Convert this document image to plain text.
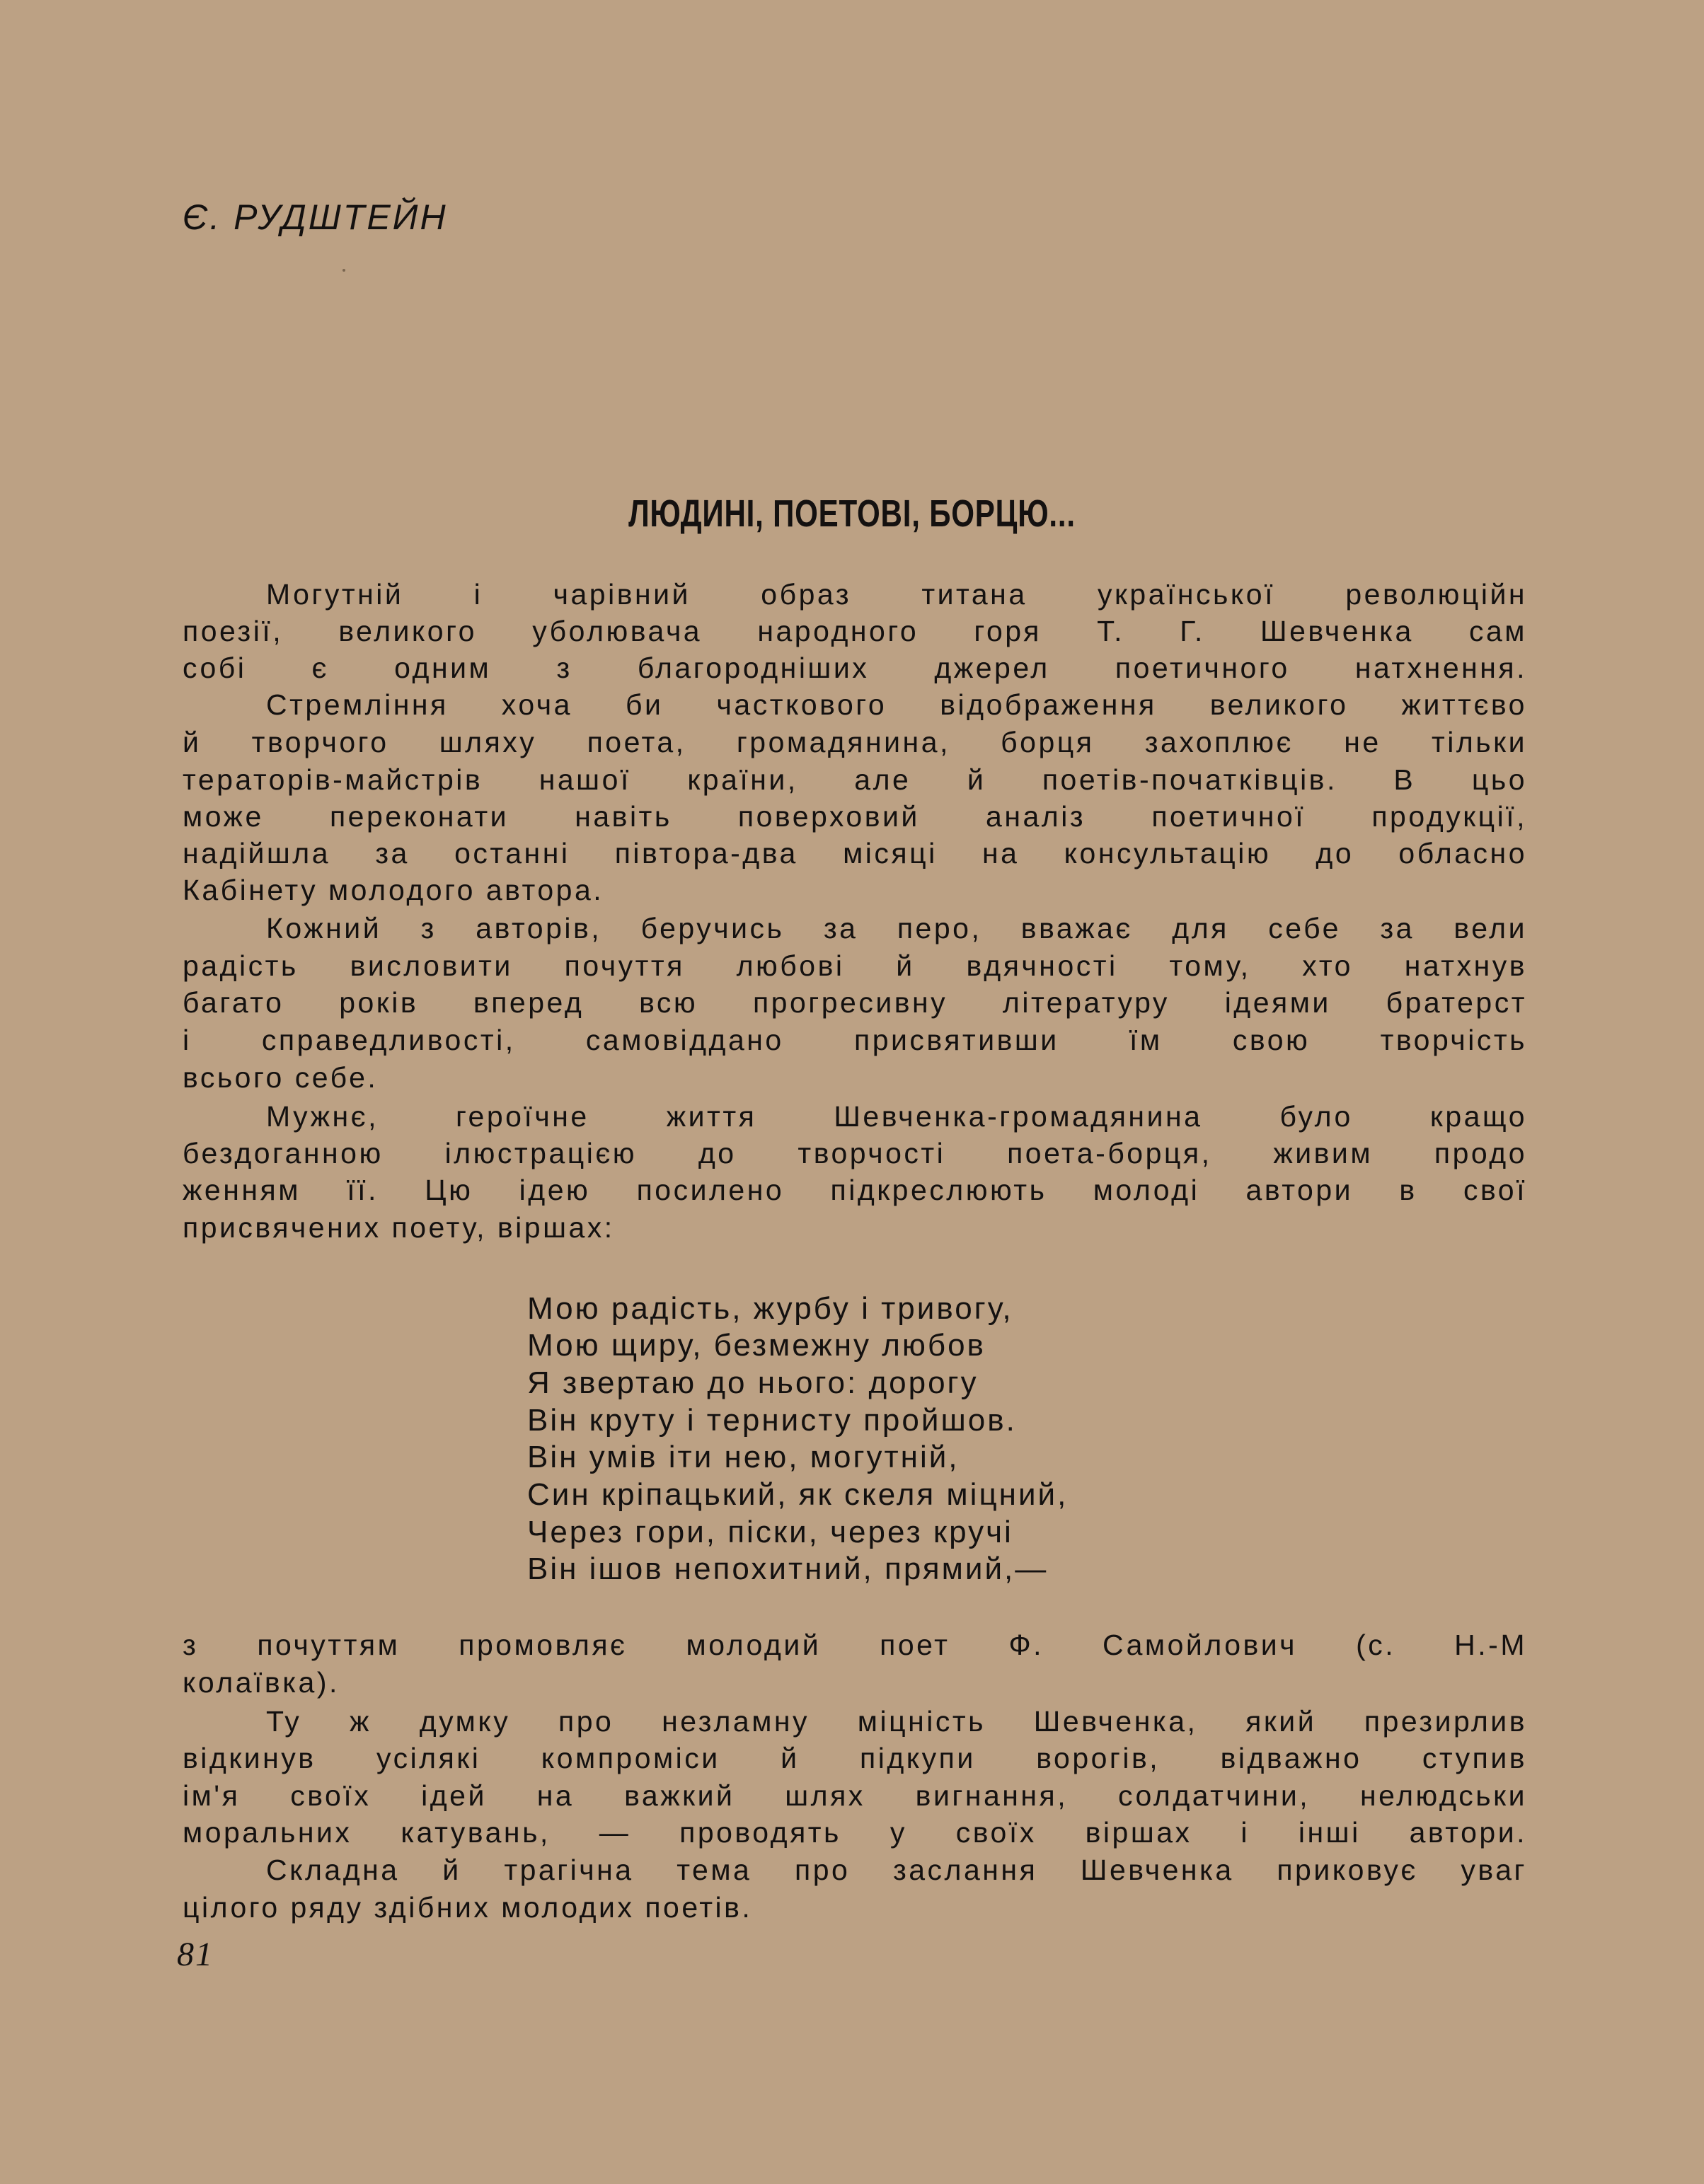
Є. РУДШТЕЙН
ЛЮДИНІ, ПОЕТОВІ, БОРЦЮ...
Могутній і чарівний образ титана української революційн
поезії, великого уболювача народного горя Т. Г. Шевченка сам
собі є одним з благородніших джерел поетичного натхнення.
Стремління хоча би часткового відображення великого життєво
й творчого шляху поета, громадянина, борця захоплює не тільки
тераторів-майстрів нашої країни, але й поетів-початківців. В цьо
може переконати навіть поверховий аналіз поетичної продукції,
надійшла за останні півтора-два місяці на консультацію до обласно
Кабінету молодого автора.
Кожний з авторів, беручись за перо, вважає для себе за вели
радість висловити почуття любові й вдячності тому, хто натхнув
багато років вперед всю прогресивну літературу ідеями братерст
і справедливості, самовіддано присвятивши їм свою творчість
всього себе.
Мужнє, героїчне життя Шевченка-громадянина було кращо
бездоганною ілюстрацією до творчості поета-борця, живим продо
женням її. Цю ідею посилено підкреслюють молоді автори в свої
присвячених поету, віршах:
Мою радість, журбу і тривогу,
Мою щиру, безмежну любов
Я звертаю до нього: дорогу
Він круту і тернисту пройшов.
Він умів іти нею, могутній,
Син кріпацький, як скеля міцний,
Через гори, піски, через кручі
Він ішов непохитний, прямий,—
з почуттям промовляє молодий поет Ф. Самойлович (с. Н.-М
колаївка).
Ту ж думку про незламну міцність Шевченка, який презирлив
відкинув усілякі компроміси й підкупи ворогів, відважно ступив
ім'я своїх ідей на важкий шлях вигнання, солдатчини, нелюдськи
моральних катувань, — проводять у своїх віршах і інші автори.
Складна й трагічна тема про заслання Шевченка приковує уваг
цілого ряду здібних молодих поетів.
81
